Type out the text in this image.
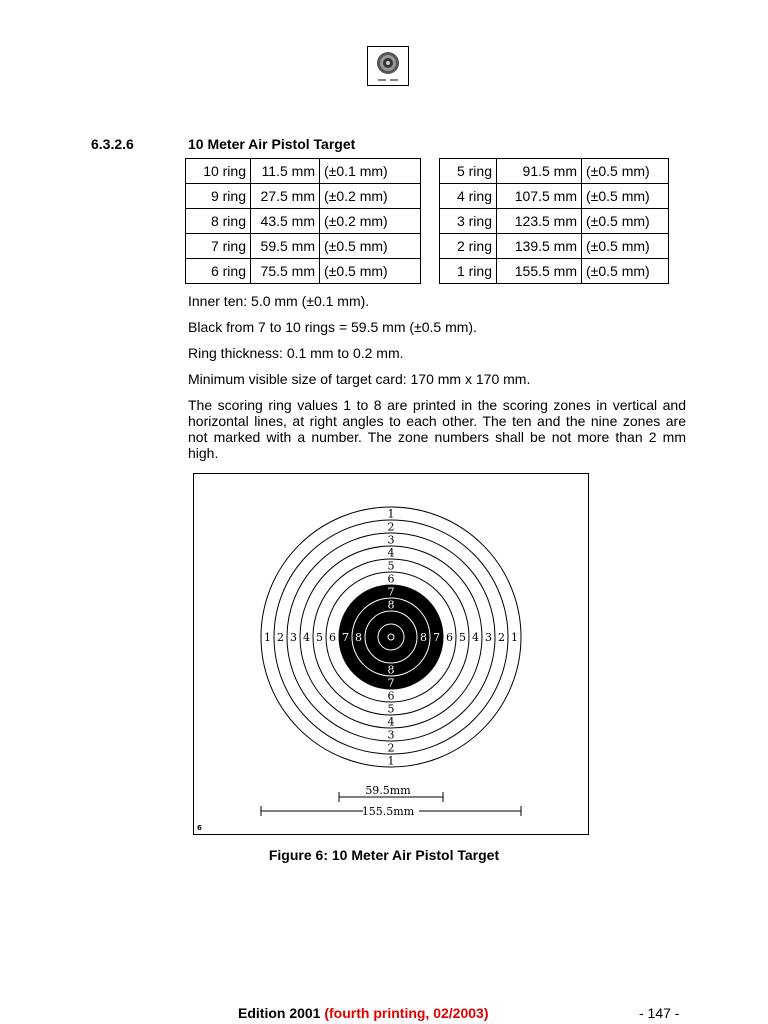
6.3.2.6	10 Meter Air Pistol Target
10 ring	11.5 mm	(±0.1 mm)		5 ring	91.5 mm	(±0.5 mm)
9 ring	27.5 mm	(±0.2 mm)		4 ring	107.5 mm	(±0.5 mm)
8 ring	43.5 mm	(±0.2 mm)		3 ring	123.5 mm	(±0.5 mm)
7 ring	59.5 mm	(±0.5 mm)		2 ring	139.5 mm	(±0.5 mm)
6 ring	75.5 mm	(±0.5 mm)		1 ring	155.5 mm	(±0.5 mm)
Inner ten: 5.0 mm (±0.1 mm).
Black from 7 to 10 rings = 59.5 mm (±0.5 mm).
Ring thickness: 0.1 mm to 0.2 mm.
Minimum visible size of target card: 170 mm x 170 mm.
The scoring ring values 1 to 8 are printed in the scoring zones in vertical and horizontal lines, at right angles to each other. The ten and the nine zones are not marked with a number. The zone numbers shall be not more than 2 mm high.
1
1
1	1
2
2
2	2
3
3
3	3
4
4
4	4
5
5
5	5
6
6
6	6
7
7
7	7
8
8
8	8
59.5mm
155.5mm
6
Figure 6: 10 Meter Air Pistol Target
Edition 2001 (fourth printing, 02/2003)	- 147 -
